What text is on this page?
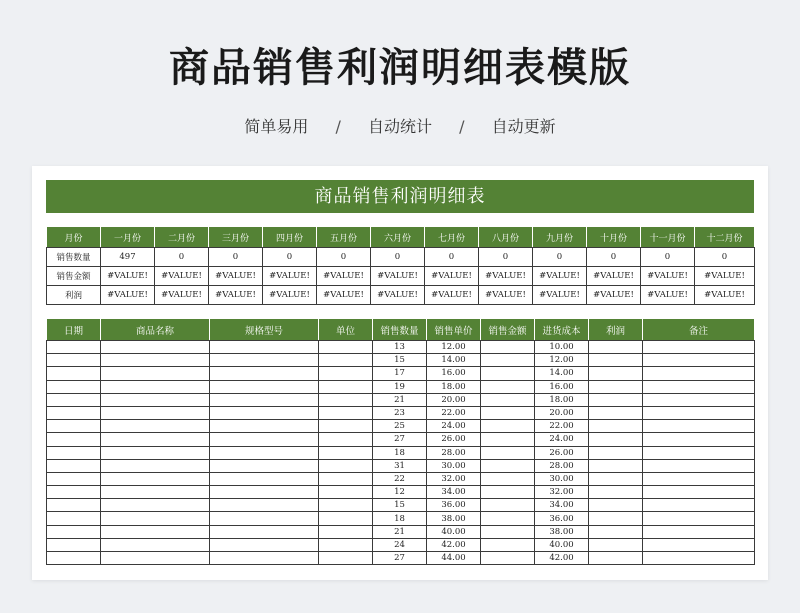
商品销售利润明细表模版
简单易用 / 自动统计 / 自动更新
商品销售利润明细表
月份	一月份	二月份	三月份	四月份	五月份	六月份	七月份	八月份	九月份	十月份	十一月份	十二月份
销售数量	497	0	0	0	0	0	0	0	0	0	0	0
销售金额	#VALUE!	#VALUE!	#VALUE!	#VALUE!	#VALUE!	#VALUE!	#VALUE!	#VALUE!	#VALUE!	#VALUE!	#VALUE!	#VALUE!
利润	#VALUE!	#VALUE!	#VALUE!	#VALUE!	#VALUE!	#VALUE!	#VALUE!	#VALUE!	#VALUE!	#VALUE!	#VALUE!	#VALUE!
日期	商品名称	规格型号	单位	销售数量	销售单价	销售金额	进货成本	利润	备注
				13	12.00		10.00		
				15	14.00		12.00		
				17	16.00		14.00		
				19	18.00		16.00		
				21	20.00		18.00		
				23	22.00		20.00		
				25	24.00		22.00		
				27	26.00		24.00		
				18	28.00		26.00		
				31	30.00		28.00		
				22	32.00		30.00		
				12	34.00		32.00		
				15	36.00		34.00		
				18	38.00		36.00		
				21	40.00		38.00		
				24	42.00		40.00		
				27	44.00		42.00		
